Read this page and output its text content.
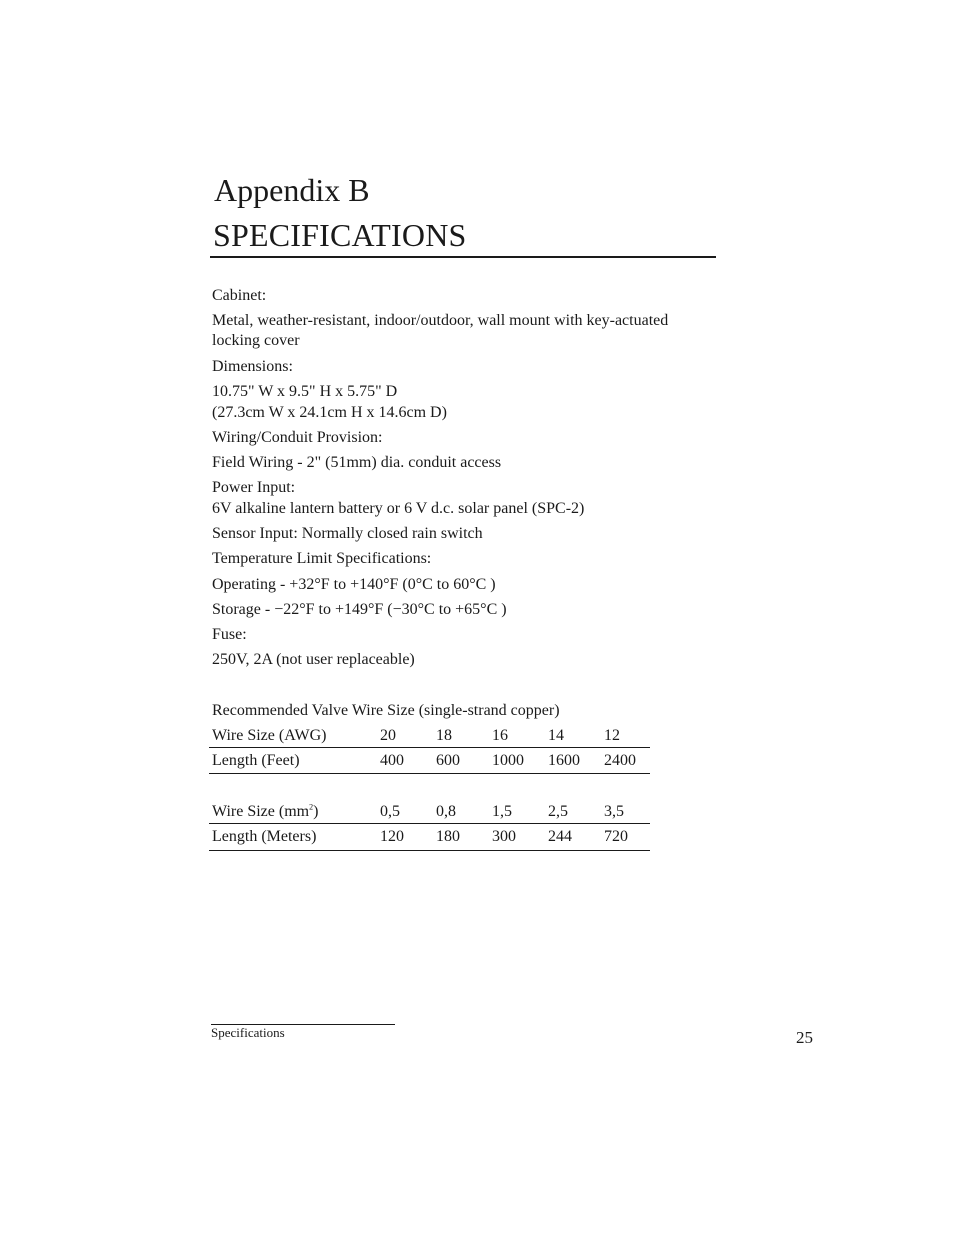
Appendix B
SPECIFICATIONS
Cabinet:
Metal, weather-resistant, indoor/outdoor, wall mount with key-actuated
locking cover
Dimensions:
10.75" W x 9.5" H x 5.75" D
(27.3cm W x 24.1cm H x 14.6cm D)
Wiring/Conduit Provision:
Field Wiring - 2" (51mm) dia. conduit access
Power Input:
6V alkaline lantern battery or 6 V d.c. solar panel (SPC-2)
Sensor Input: Normally closed rain switch
Temperature Limit Specifications:
Operating - +32°F to +140°F (0°C to 60°C )
Storage - −22°F to +149°F (−30°C to +65°C )
Fuse:
250V, 2A (not user replaceable)
Recommended Valve Wire Size (single-strand copper)
Wire Size (AWG)	20	18	16	14	12
Length (Feet)	400 600 1000 1600 2400
Wire Size $(mm^2)$	0,5 0,8 1,5 2,5 3,5
Length (Meters)	120 180 300 244 720
Specifications	25
